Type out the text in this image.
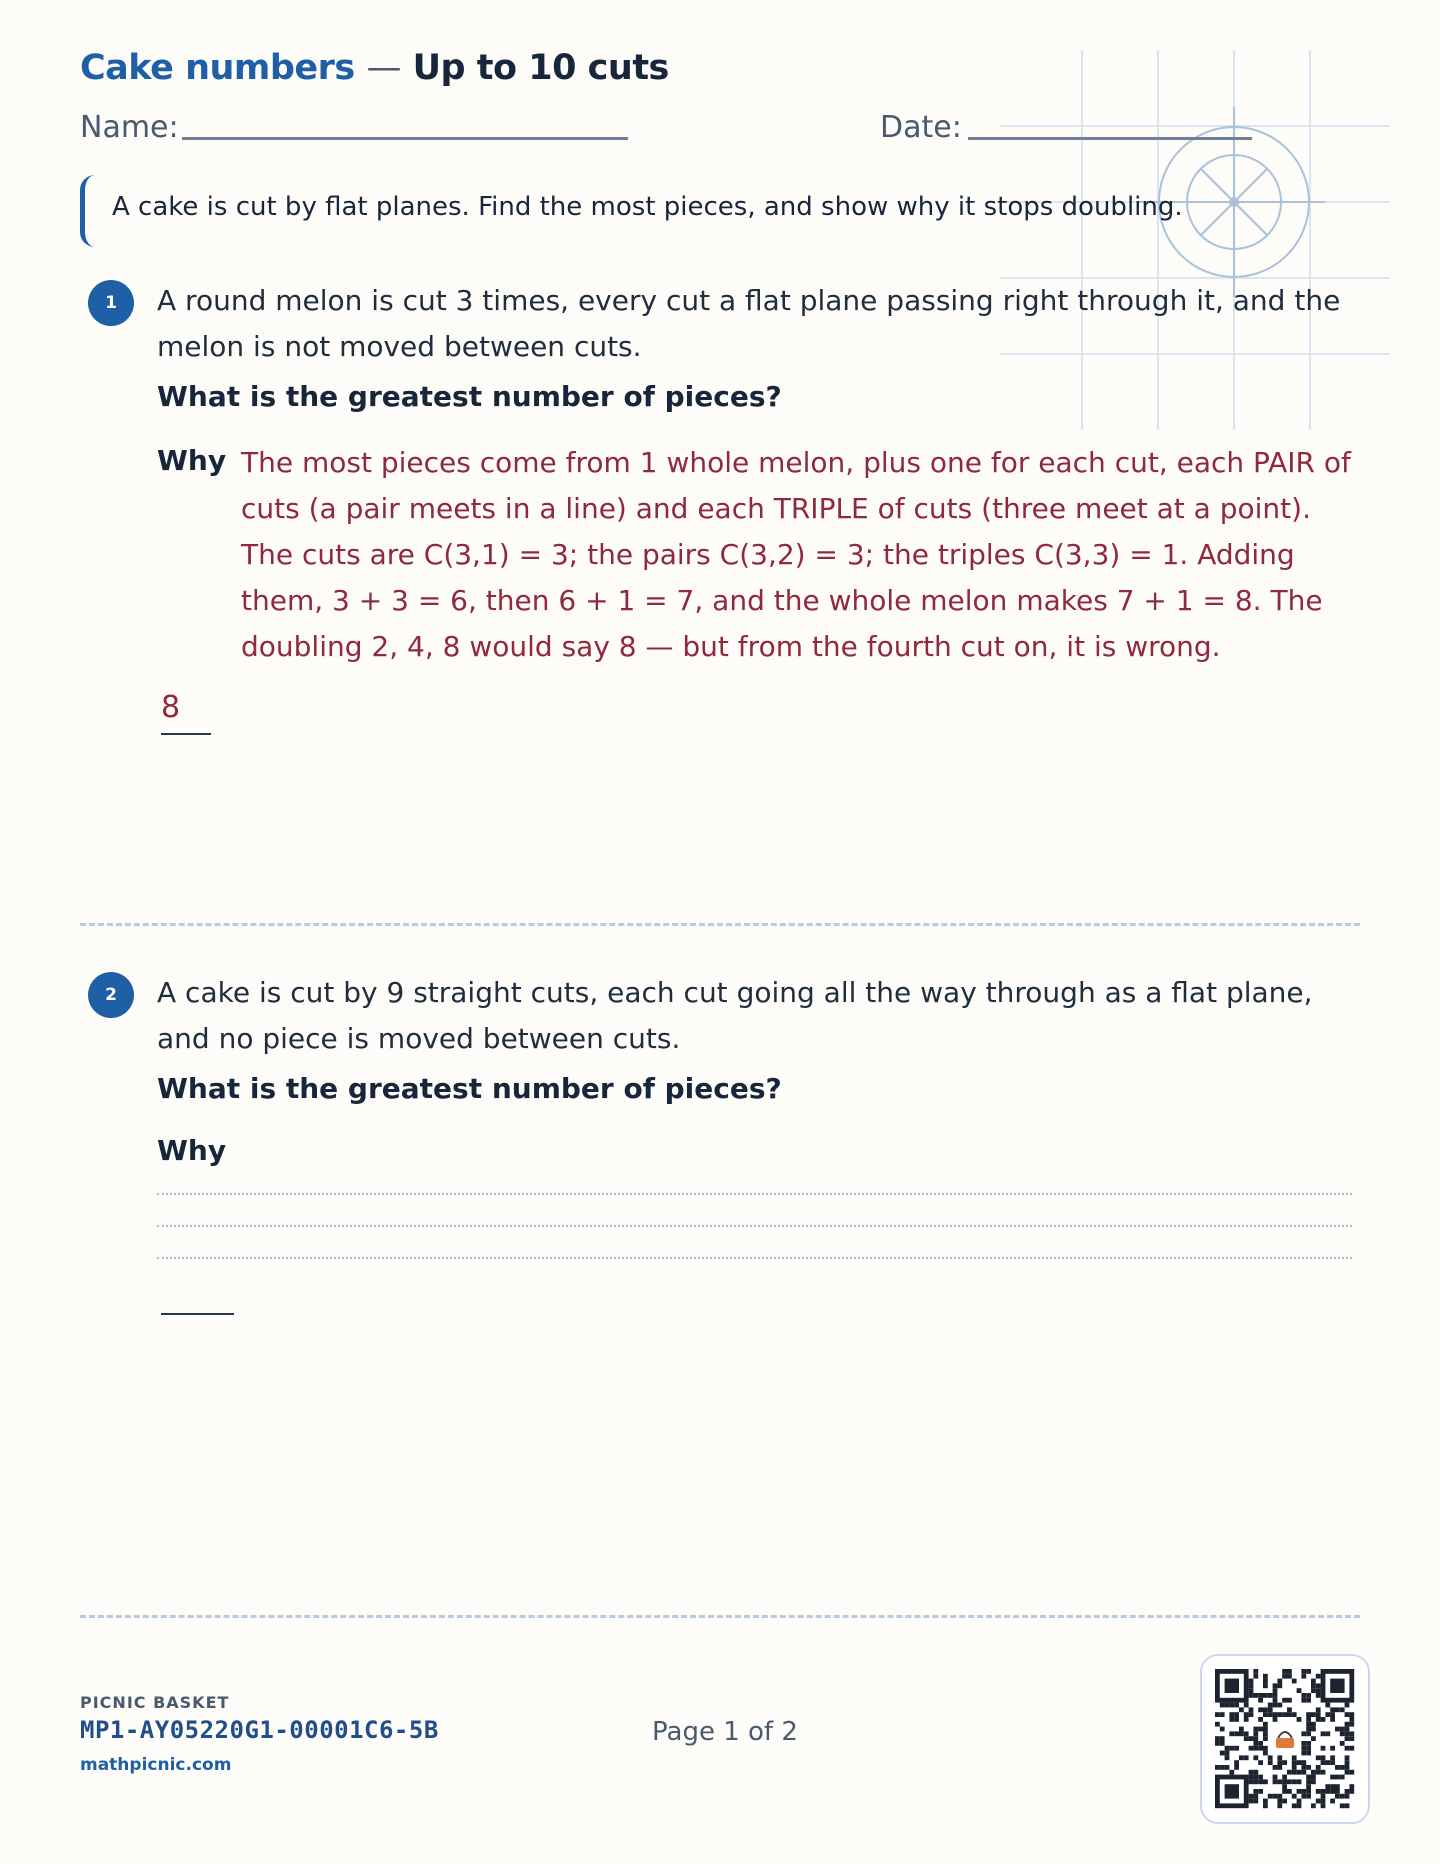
Cake numbers — Up to 10 cuts
Name:	Date:
A cake is cut by flat planes. Find the most pieces, and show why it stops doubling.
1	A round melon is cut 3 times, every cut a flat plane passing right through it, and the melon is not moved between cuts.
What is the greatest number of pieces?
Why The most pieces come from 1 whole melon, plus one for each cut, each PAIR of cuts (a pair meets in a line) and each TRIPLE of cuts (three meet at a point). The cuts are C(3,1) = 3; the pairs C(3,2) = 3; the triples C(3,3) = 1. Adding them, 3 + 3 = 6, then 6 + 1 = 7, and the whole melon makes 7 + 1 = 8. The doubling 2, 4, 8 would say 8 — but from the fourth cut on, it is wrong.
8
2	A cake is cut by 9 straight cuts, each cut going all the way through as a flat plane, and no piece is moved between cuts.
What is the greatest number of pieces?
Why
PICNIC BASKET
MP1-AY05220G1-00001C6-5B
mathpicnic.com
Page 1 of 2
